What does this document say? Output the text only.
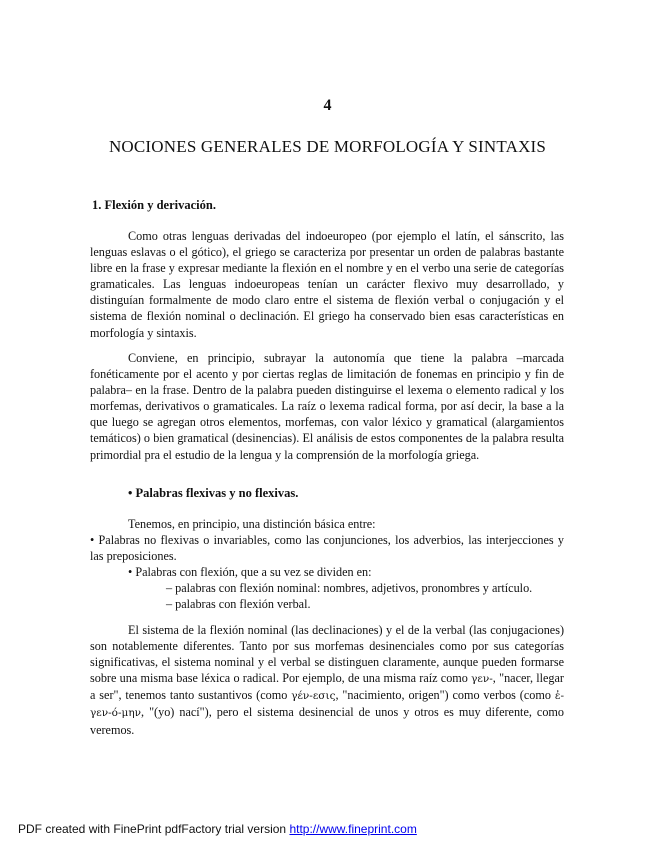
4
NOCIONES GENERALES DE MORFOLOGÍA Y SINTAXIS
1. Flexión y derivación.

Como otras lenguas derivadas del indoeuropeo (por ejemplo el latín, el sánscrito, las lenguas eslavas o el gótico), el griego se caracteriza por presentar un orden de palabras bastante libre en la frase y expresar mediante la flexión en el nombre y en el verbo una serie de categorías gramaticales. Las lenguas indoeuropeas tenían un carácter flexivo muy desarrollado, y distinguían formalmente de modo claro entre el sistema de flexión verbal o conjugación y el sistema de flexión nominal o declinación. El griego ha conservado bien esas características en morfología y sintaxis.

Conviene, en principio, subrayar la autonomía que tiene la palabra –marcada fonéticamente por el acento y por ciertas reglas de limitación de fonemas en principio y fin de palabra– en la frase. Dentro de la palabra pueden distinguirse el lexema o elemento radical y los morfemas, derivativos o gramaticales. La raíz o lexema radical forma, por así decir, la base a la que luego se agregan otros elementos, morfemas, con valor léxico y gramatical (alargamientos temáticos) o bien gramatical (desinencias). El análisis de estos componentes de la palabra resulta primordial pra el estudio de la lengua y la comprensión de la morfología griega.

• Palabras flexivas y no flexivas.

Tenemos, en principio, una distinción básica entre:

• Palabras no flexivas o invariables, como las conjunciones, los adverbios, las interjecciones y las preposiciones.

• Palabras con flexión, que a su vez se dividen en:

– palabras con flexión nominal: nombres, adjetivos, pronombres y artículo.

– palabras con flexión verbal.

El sistema de la flexión nominal (las declinaciones) y el de la verbal (las conjugaciones) son notablemente diferentes. Tanto por sus morfemas desinenciales como por sus categorías significativas, el sistema nominal y el verbal se distinguen claramente, aunque pueden formarse sobre una misma base léxica o radical. Por ejemplo, de una misma raíz como γεν-, "nacer, llegar a ser", tenemos tanto sustantivos (como γέν-εσις, "nacimiento, origen") como verbos (como ἐ-γεν-ό-μην, "(yo) nací"), pero el sistema desinencial de unos y otros es muy diferente, como veremos.

PDF created with FinePrint pdfFactory trial version http://www.fineprint.com
